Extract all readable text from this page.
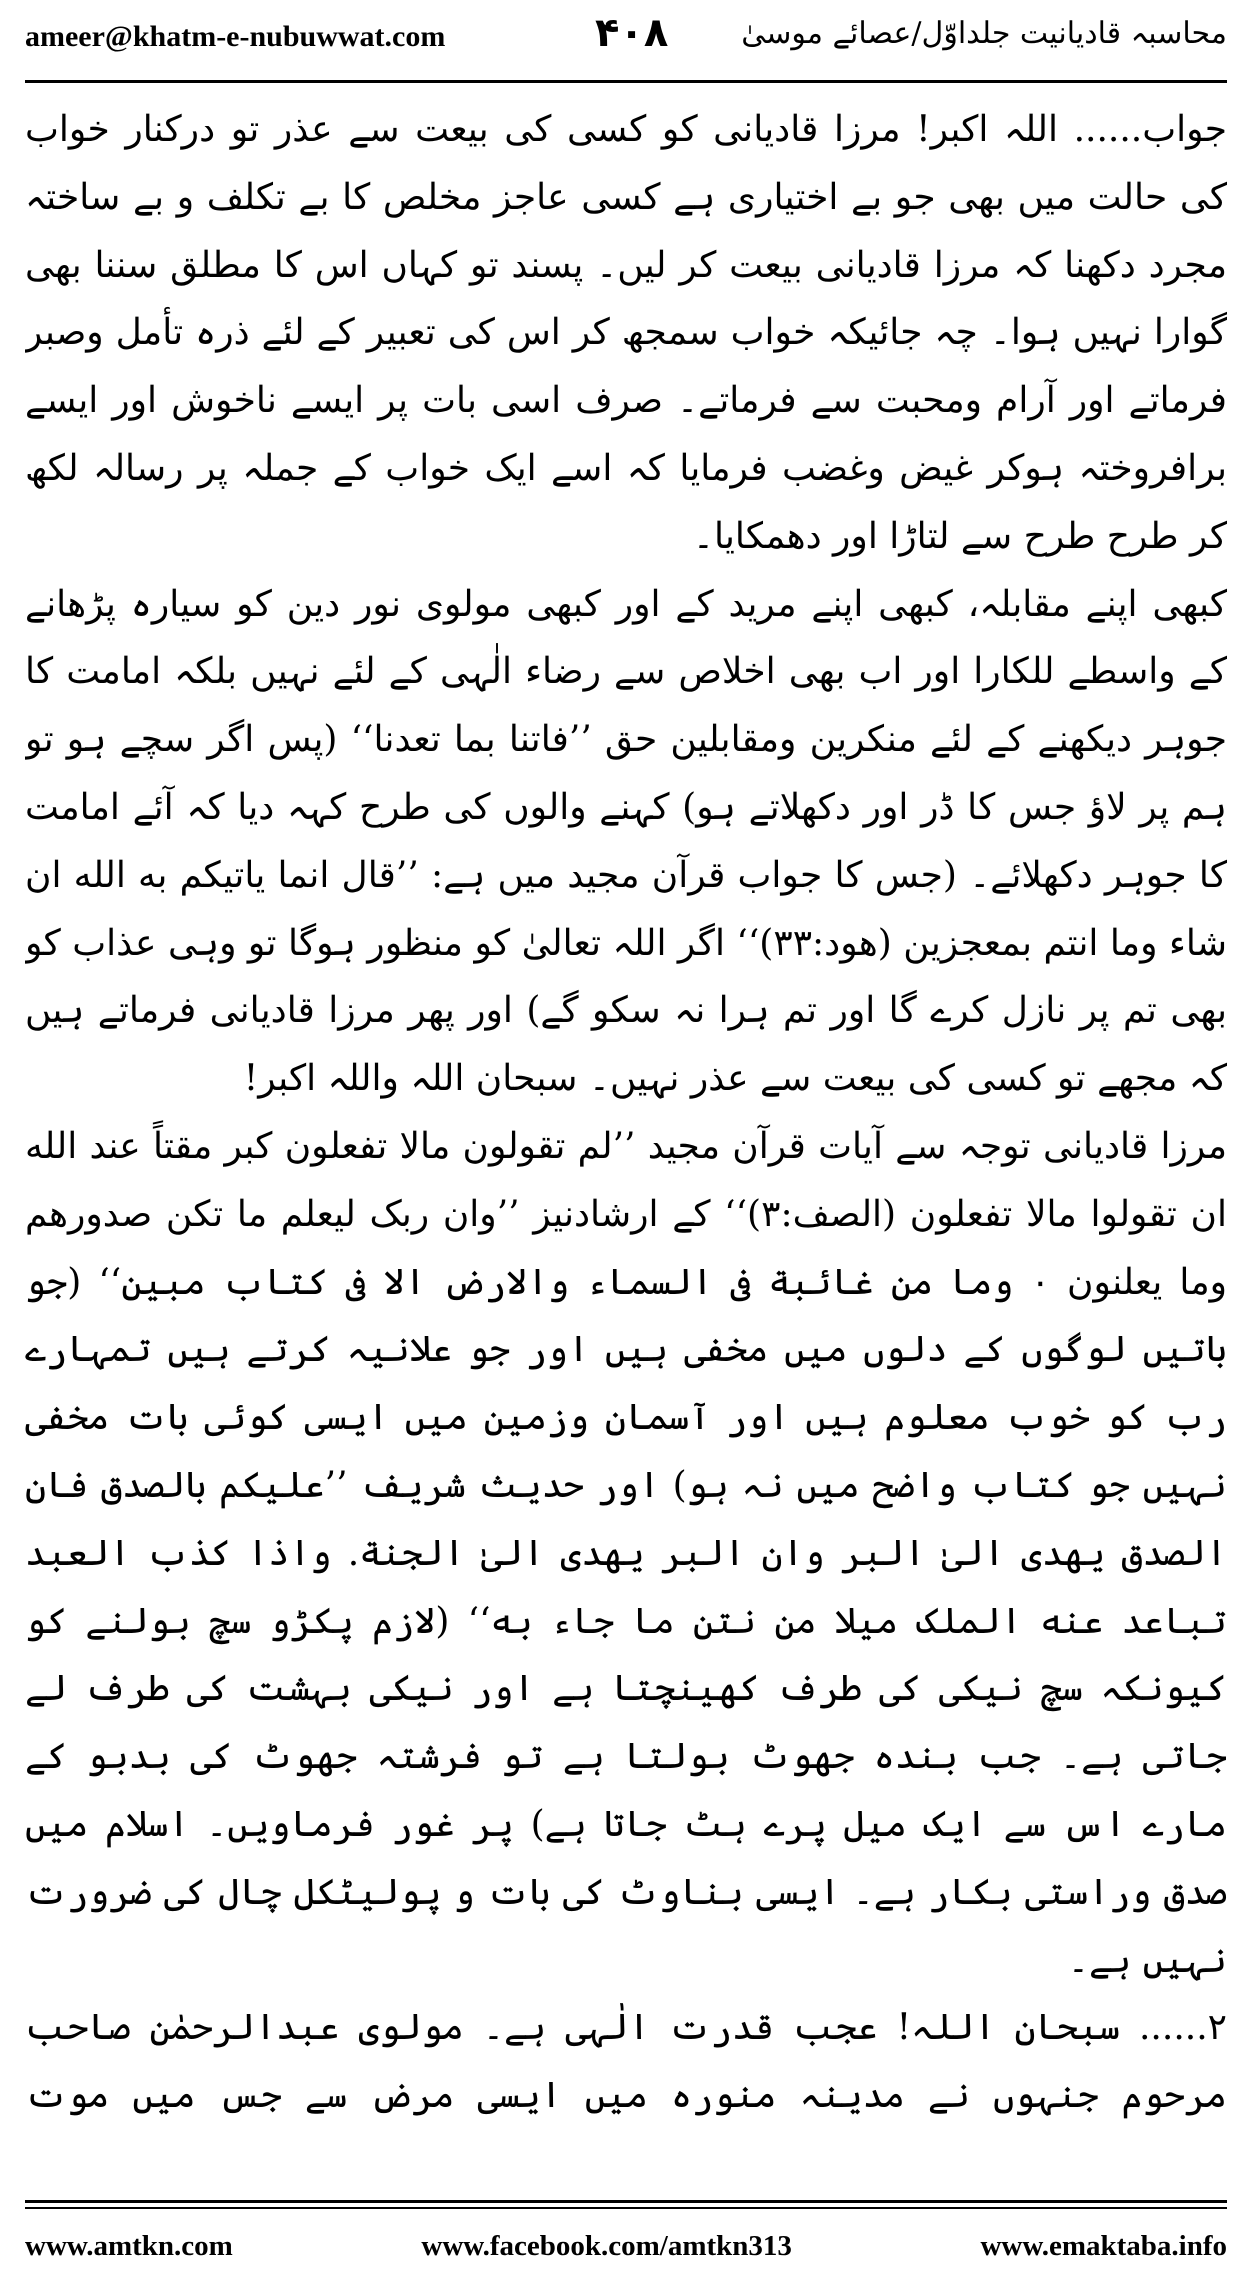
ameer@khatm-e-nubuwwat.com	۴۰۸ محاسبہ قادیانیت جلداوّل/عصائے موسیٰ

جواب...... اللہ اکبر! مرزا قادیانی کو کسی کی بیعت سے عذر تو درکنار خواب کی حالت میں بھی جو بے اختیاری ہے کسی عاجز مخلص کا بے تکلف و بے ساختہ مجرد دکھنا کہ مرزا قادیانی بیعت کر لیں۔ پسند تو کہاں اس کا مطلق سننا بھی گوارا نہیں ہوا۔ چہ جائیکہ خواب سمجھ کر اس کی تعبیر کے لئے ذرہ تأمل وصبر فرماتے اور آرام ومحبت سے فرماتے۔ صرف اسی بات پر ایسے ناخوش اور ایسے برافروختہ ہوکر غیض وغضب فرمایا کہ اسے ایک خواب کے جملہ پر رسالہ لکھ کر طرح طرح سے لتاڑا اور دھمکایا۔

کبھی اپنے مقابلہ، کبھی اپنے مرید کے اور کبھی مولوی نور دین کو سیارہ پڑھانے کے واسطے للکارا اور اب بھی اخلاص سے رضاء الٰہی کے لئے نہیں بلکہ امامت کا جوہر دیکھنے کے لئے منکرین ومقابلین حق ’’فاتنا بما تعدنا‘‘ (پس اگر سچے ہو تو ہم پر لاؤ جس کا ڈر اور دکھلاتے ہو) کہنے والوں کی طرح کہہ دیا کہ آئے امامت کا جوہر دکھلائے۔ (جس کا جواب قرآن مجید میں ہے: ’’قال انما یاتیکم به الله ان شاء وما انتم بمعجزین (هود:۳۳)‘‘ اگر اللہ تعالیٰ کو منظور ہوگا تو وہی عذاب کو بھی تم پر نازل کرے گا اور تم ہرا نہ سکو گے) اور پھر مرزا قادیانی فرماتے ہیں کہ مجھے تو کسی کی بیعت سے عذر نہیں۔ سبحان اللہ واللہ اکبر!

مرزا قادیانی توجہ سے آیات قرآن مجید ’’لم تقولون مالا تفعلون کبر مقتاً عند الله ان تقولوا مالا تفعلون (الصف:۳)‘‘ کے ارشادنیز ’’وان ربک لیعلم ما تکن صدورهم وما یعلنون ۰ وما من غائبة فی السماء والارض الا فی کتاب مبین‘‘ (جو باتیں لوگوں کے دلوں میں مخفی ہیں اور جو علانیہ کرتے ہیں تمہارے رب کو خوب معلوم ہیں اور آسمان وزمین میں ایسی کوئی بات مخفی نہیں جو کتاب واضح میں نہ ہو) اور حدیث شریف ’’علیکم بالصدق فان الصدق یهدی الیٰ البر وان البر یهدی الیٰ الجنة. واذا کذب العبد تباعد عنه الملک میلا من نتن ما جاء به‘‘ (لازم پکڑو سچ بولنے کو کیونکہ سچ نیکی کی طرف کھینچتا ہے اور نیکی بہشت کی طرف لے جاتی ہے۔ جب بندہ جھوٹ بولتا ہے تو فرشتہ جھوٹ کی بدبو کے مارے اس سے ایک میل پرے ہٹ جاتا ہے) پر غور فرماویں۔ اسلام میں صدق وراستی بکار ہے۔ ایسی بناوٹ کی بات و پولیٹکل چال کی ضرورت نہیں ہے۔

۲...... سبحان اللہ! عجب قدرت الٰہی ہے۔ مولوی عبدالرحمٰن صاحب مرحوم جنہوں نے مدینہ منورہ میں ایسی مرض سے جس میں موت

www.amtkn.com	www.facebook.com/amtkn313	www.emaktaba.info
